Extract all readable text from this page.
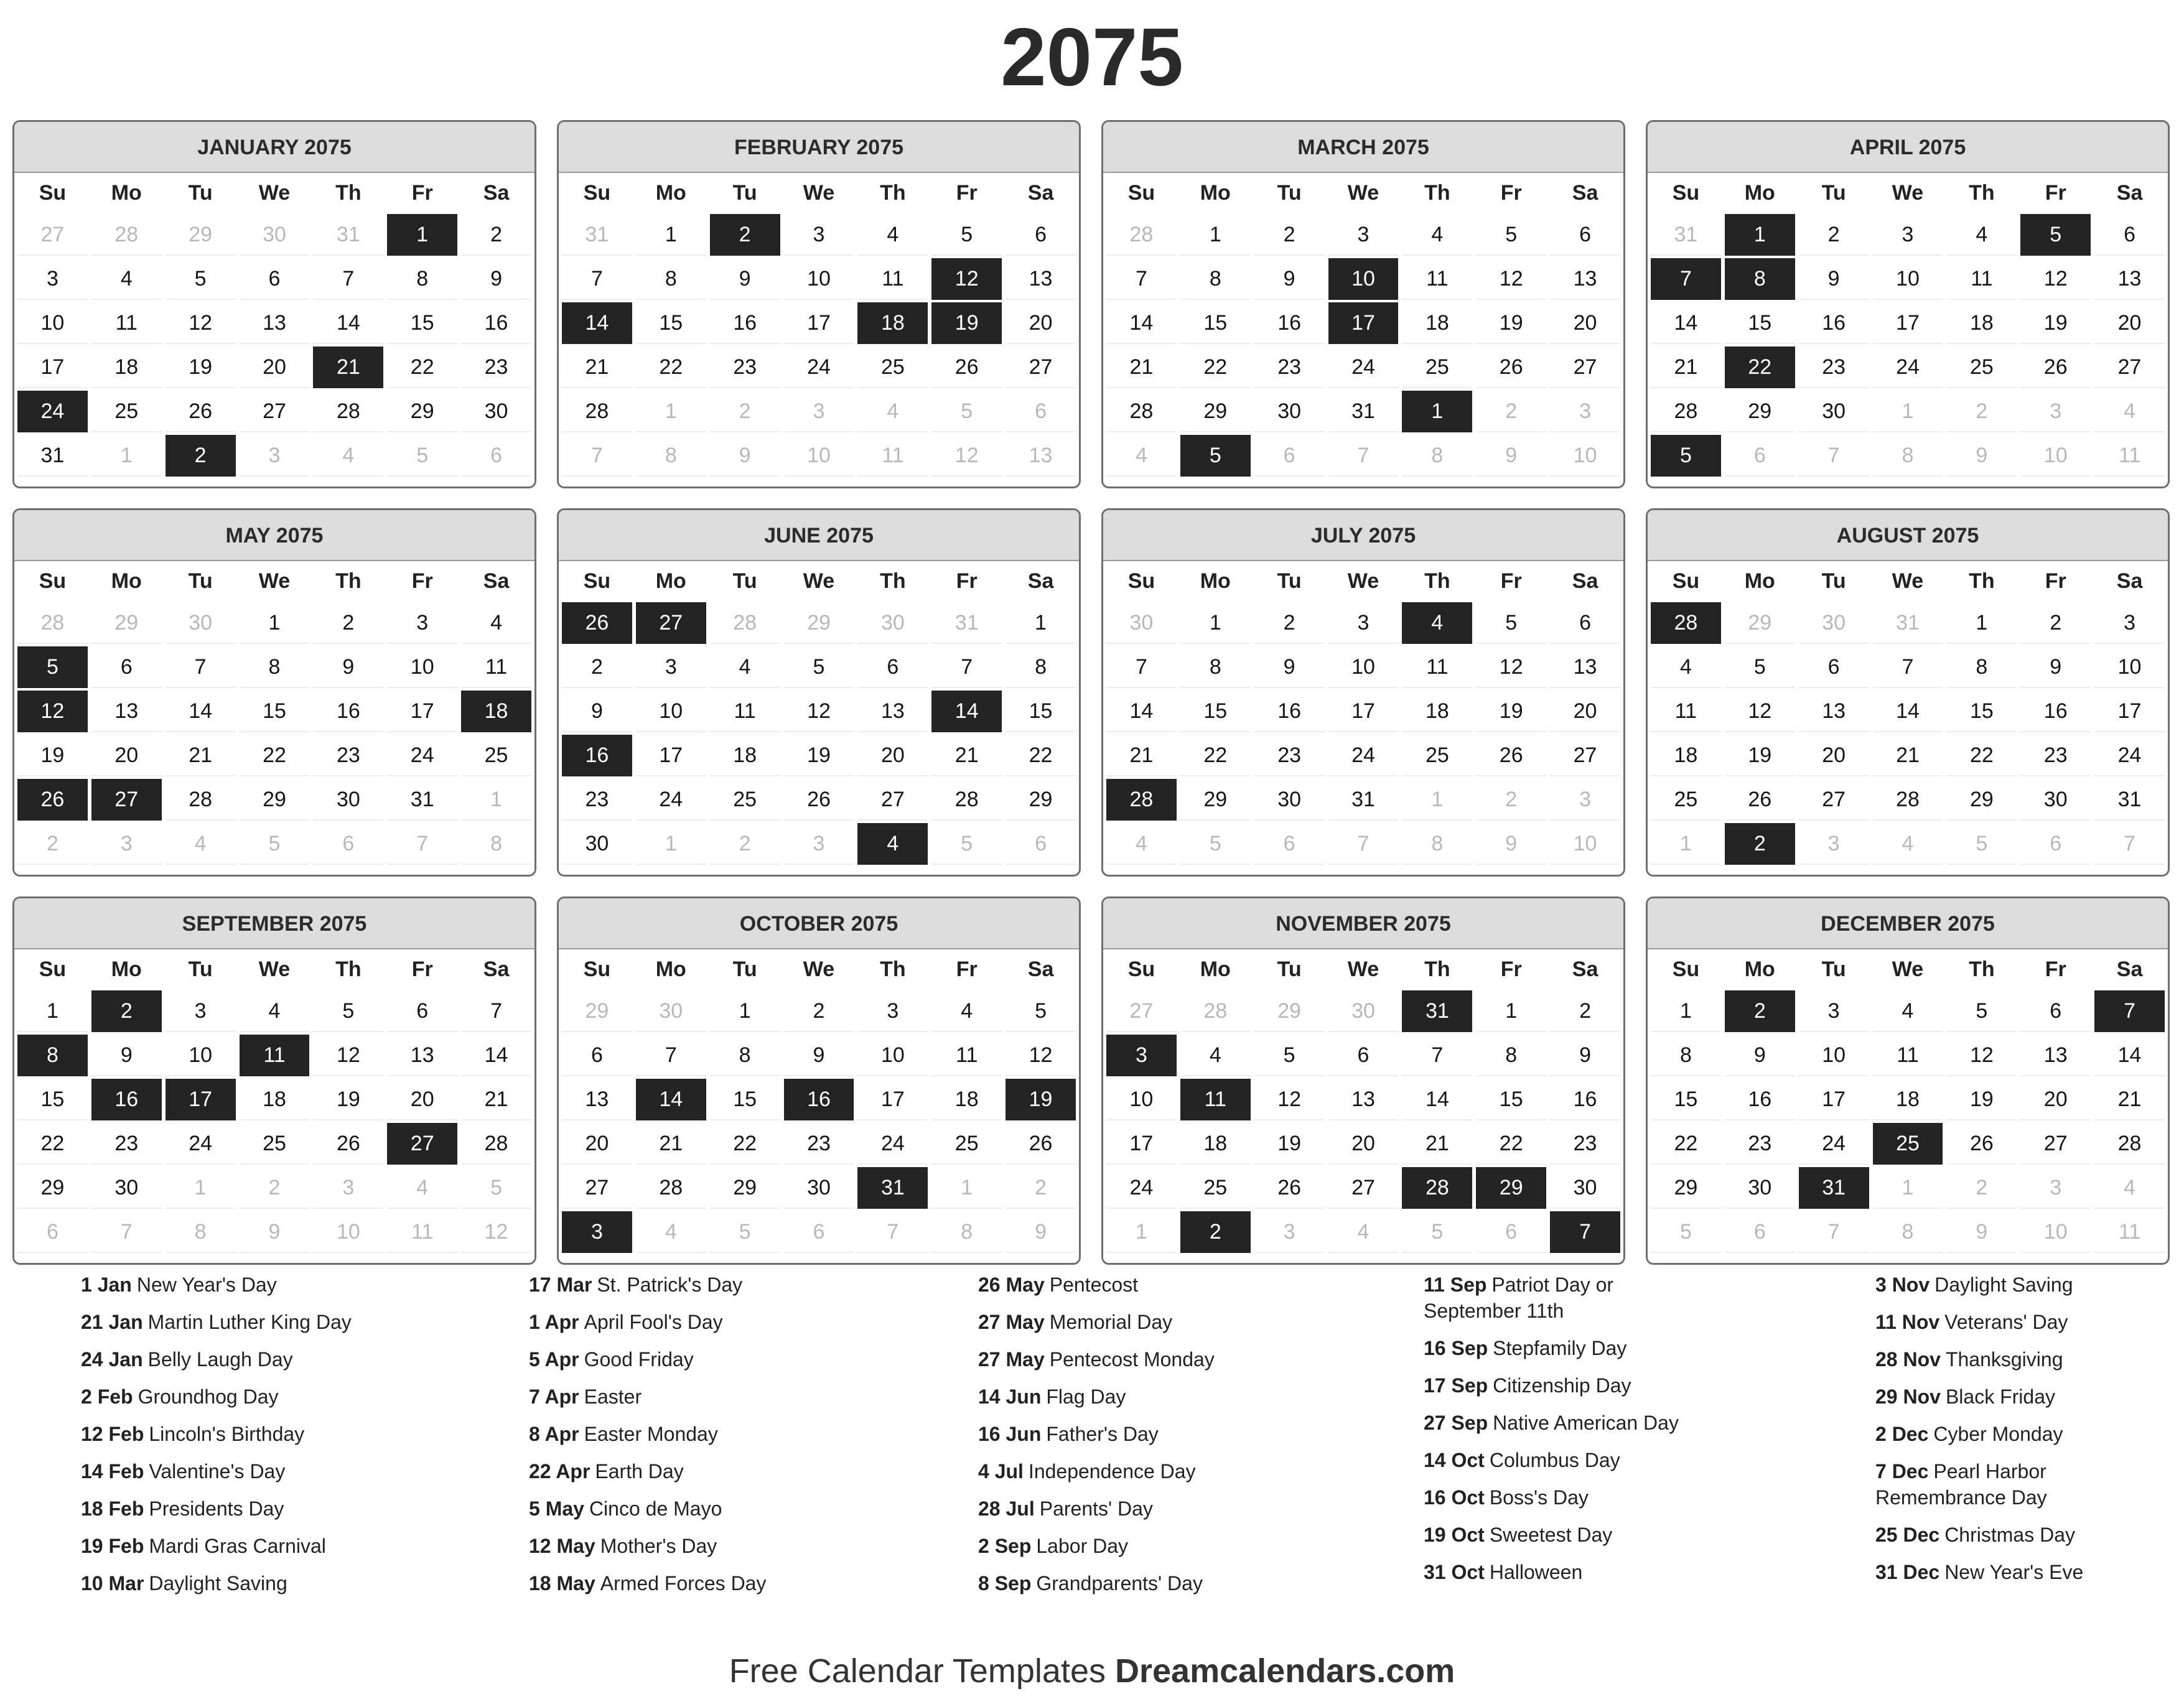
2075
JANUARY 2075
Su	Mo	Tu	We	Th	Fr	Sa
27	28	29	30	31	1	2
3	4	5	6	7	8	9
10	11	12	13	14	15	16
17	18	19	20	21	22	23
24	25	26	27	28	29	30
31	1	2	3	4	5	6
FEBRUARY 2075
Su	Mo	Tu	We	Th	Fr	Sa
31	1	2	3	4	5	6
7	8	9	10	11	12	13
14	15	16	17	18	19	20
21	22	23	24	25	26	27
28	1	2	3	4	5	6
7	8	9	10	11	12	13
MARCH 2075
Su	Mo	Tu	We	Th	Fr	Sa
28	1	2	3	4	5	6
7	8	9	10	11	12	13
14	15	16	17	18	19	20
21	22	23	24	25	26	27
28	29	30	31	1	2	3
4	5	6	7	8	9	10
APRIL 2075
Su	Mo	Tu	We	Th	Fr	Sa
31	1	2	3	4	5	6
7	8	9	10	11	12	13
14	15	16	17	18	19	20
21	22	23	24	25	26	27
28	29	30	1	2	3	4
5	6	7	8	9	10	11
MAY 2075
Su	Mo	Tu	We	Th	Fr	Sa
28	29	30	1	2	3	4
5	6	7	8	9	10	11
12	13	14	15	16	17	18
19	20	21	22	23	24	25
26	27	28	29	30	31	1
2	3	4	5	6	7	8
JUNE 2075
Su	Mo	Tu	We	Th	Fr	Sa
26	27	28	29	30	31	1
2	3	4	5	6	7	8
9	10	11	12	13	14	15
16	17	18	19	20	21	22
23	24	25	26	27	28	29
30	1	2	3	4	5	6
JULY 2075
Su	Mo	Tu	We	Th	Fr	Sa
30	1	2	3	4	5	6
7	8	9	10	11	12	13
14	15	16	17	18	19	20
21	22	23	24	25	26	27
28	29	30	31	1	2	3
4	5	6	7	8	9	10
AUGUST 2075
Su	Mo	Tu	We	Th	Fr	Sa
28	29	30	31	1	2	3
4	5	6	7	8	9	10
11	12	13	14	15	16	17
18	19	20	21	22	23	24
25	26	27	28	29	30	31
1	2	3	4	5	6	7
SEPTEMBER 2075
Su	Mo	Tu	We	Th	Fr	Sa
1	2	3	4	5	6	7
8	9	10	11	12	13	14
15	16	17	18	19	20	21
22	23	24	25	26	27	28
29	30	1	2	3	4	5
6	7	8	9	10	11	12
OCTOBER 2075
Su	Mo	Tu	We	Th	Fr	Sa
29	30	1	2	3	4	5
6	7	8	9	10	11	12
13	14	15	16	17	18	19
20	21	22	23	24	25	26
27	28	29	30	31	1	2
3	4	5	6	7	8	9
NOVEMBER 2075
Su	Mo	Tu	We	Th	Fr	Sa
27	28	29	30	31	1	2
3	4	5	6	7	8	9
10	11	12	13	14	15	16
17	18	19	20	21	22	23
24	25	26	27	28	29	30
1	2	3	4	5	6	7
DECEMBER 2075
Su	Mo	Tu	We	Th	Fr	Sa
1	2	3	4	5	6	7
8	9	10	11	12	13	14
15	16	17	18	19	20	21
22	23	24	25	26	27	28
29	30	31	1	2	3	4
5	6	7	8	9	10	11
1 Jan New Year's Day
21 Jan Martin Luther King Day
24 Jan Belly Laugh Day
2 Feb Groundhog Day
12 Feb Lincoln's Birthday
14 Feb Valentine's Day
18 Feb Presidents Day
19 Feb Mardi Gras Carnival
10 Mar Daylight Saving
17 Mar St. Patrick's Day
1 Apr April Fool's Day
5 Apr Good Friday
7 Apr Easter
8 Apr Easter Monday
22 Apr Earth Day
5 May Cinco de Mayo
12 May Mother's Day
18 May Armed Forces Day
26 May Pentecost
27 May Memorial Day
27 May Pentecost Monday
14 Jun Flag Day
16 Jun Father's Day
4 Jul Independence Day
28 Jul Parents' Day
2 Sep Labor Day
8 Sep Grandparents' Day
11 Sep Patriot Day or September 11th
16 Sep Stepfamily Day
17 Sep Citizenship Day
27 Sep Native American Day
14 Oct Columbus Day
16 Oct Boss's Day
19 Oct Sweetest Day
31 Oct Halloween
3 Nov Daylight Saving
11 Nov Veterans' Day
28 Nov Thanksgiving
29 Nov Black Friday
2 Dec Cyber Monday
7 Dec Pearl Harbor Remembrance Day
25 Dec Christmas Day
31 Dec New Year's Eve
Free Calendar Templates Dreamcalendars.com
